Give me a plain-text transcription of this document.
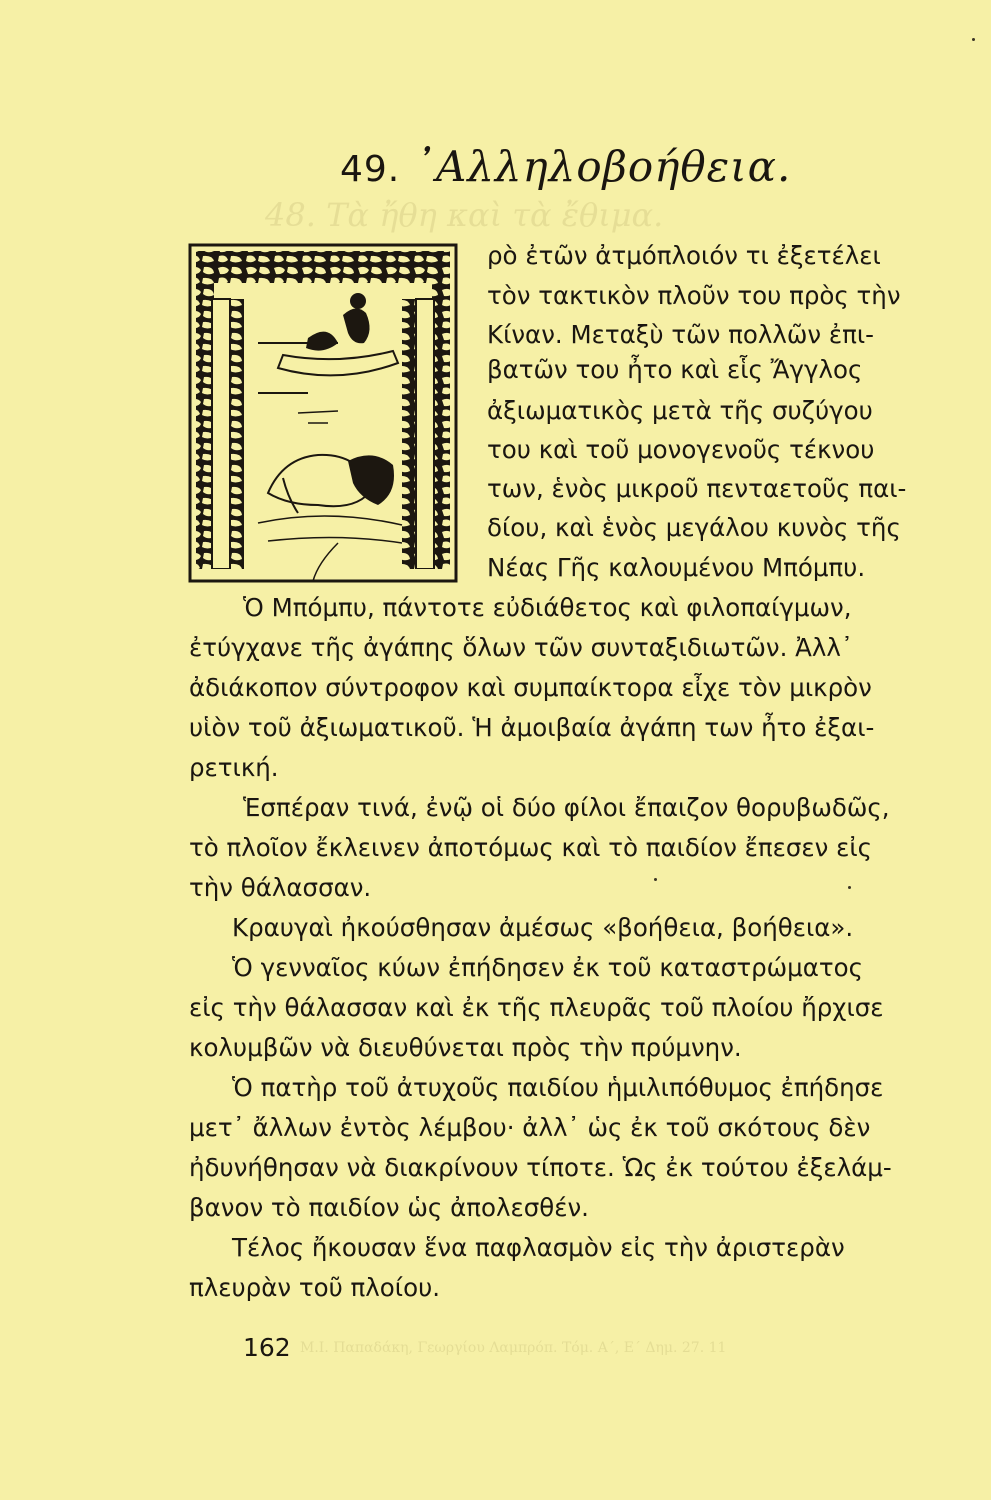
48. Τὰ ἤθη καὶ τὰ ἔθιμα.
Μ.Ι. Παπαδάκη, Γεωργίου Λαμπρόπ. Τόμ. Α΄, Ε΄ Δημ. 27. 11
49. ᾿Αλληλοβοήθεια.
ρὸ ἐτῶν ἀτμόπλοιόν τι ἐξετέλει
τὸν τακτικὸν πλοῦν του πρὸς τὴν
Κίναν. Μεταξὺ τῶν πολλῶν ἐπι-
βατῶν του ἦτο καὶ εἷς Ἄγγλος
ἀξιωματικὸς μετὰ τῆς συζύγου
του καὶ τοῦ μονογενοῦς τέκνου
των, ἑνὸς μικροῦ πενταετοῦς παι-
δίου, καὶ ἑνὸς μεγάλου κυνὸς τῆς
Νέας Γῆς καλουμένου Μπόμπυ.
Ὁ Μπόμπυ, πάντοτε εὐδιάθετος καὶ φιλοπαίγμων,
ἐτύγχανε τῆς ἀγάπης ὅλων τῶν συνταξιδιωτῶν. Ἀλλ᾿
ἀδιάκοπον σύντροφον καὶ συμπαίκτορα εἶχε τὸν μικρὸν
υἱὸν τοῦ ἀξιωματικοῦ. Ἡ ἀμοιβαία ἀγάπη των ἦτο ἐξαι-
ρετική.
Ἑσπέραν τινά, ἐνῷ οἱ δύο φίλοι ἔπαιζον θορυβωδῶς,
τὸ πλοῖον ἔκλεινεν ἀποτόμως καὶ τὸ παιδίον ἔπεσεν εἰς
τὴν θάλασσαν.
Κραυγαὶ ἠκούσθησαν ἀμέσως «βοήθεια, βοήθεια».
Ὁ γενναῖος κύων ἐπήδησεν ἐκ τοῦ καταστρώματος
εἰς τὴν θάλασσαν καὶ ἐκ τῆς πλευρᾶς τοῦ πλοίου ἤρχισε
κολυμβῶν νὰ διευθύνεται πρὸς τὴν πρύμνην.
Ὁ πατὴρ τοῦ ἀτυχοῦς παιδίου ἡμιλιπόθυμος ἐπήδησε
μετ᾿ ἄλλων ἐντὸς λέμβου· ἀλλ᾿ ὡς ἐκ τοῦ σκότους δὲν
ἠδυνήθησαν νὰ διακρίνουν τίποτε. Ὡς ἐκ τούτου ἐξελάμ-
βανον τὸ παιδίον ὡς ἀπολεσθέν.
Τέλος ἤκουσαν ἕνα παφλασμὸν εἰς τὴν ἀριστερὰν
πλευρὰν τοῦ πλοίου.
162
